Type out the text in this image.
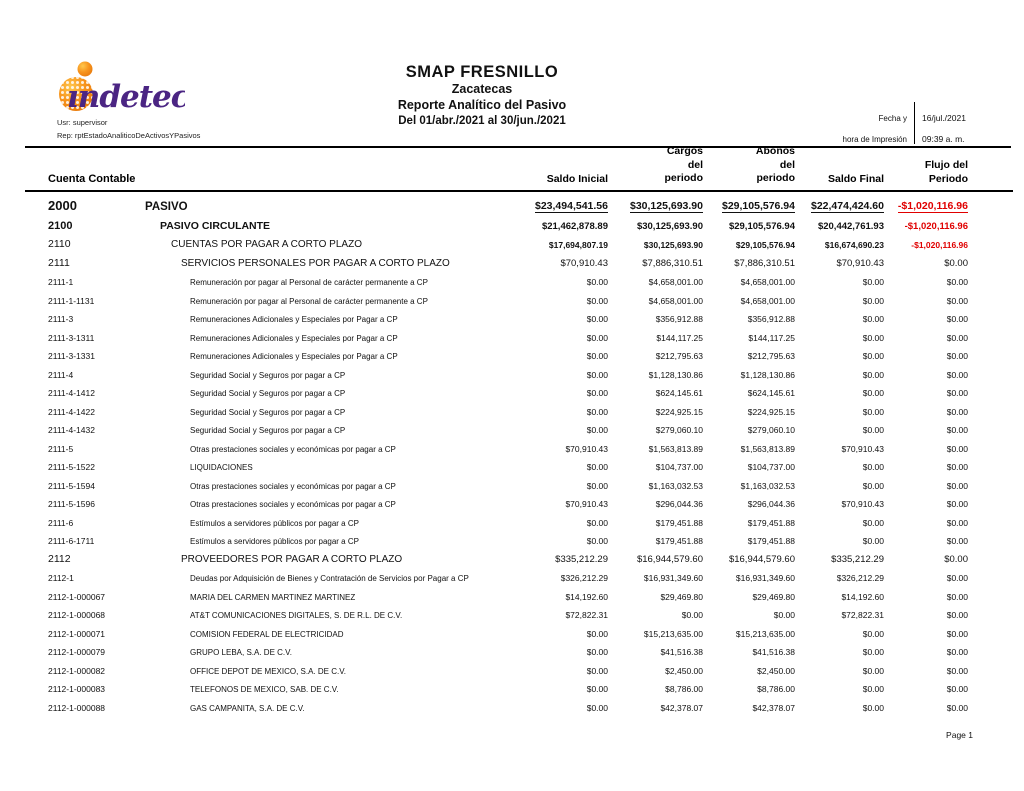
ındetec
Usr: supervisor
Rep: rptEstadoAnaliticoDeActivosYPasivos
SMAP FRESNILLO
Zacatecas
Reporte Analítico del Pasivo
Del 01/abr./2021 al 30/jun./2021	Fecha y
hora de Impresión
16/jul./2021
09:39 a. m.
Cuenta Contable	Saldo Inicial
Cargos
del
periodo
Abonos
del
periodo	Saldo Final
Flujo del
Periodo
2000	PASIVO	$23,494,541.56	$30,125,693.90	$29,105,576.94	$22,474,424.60	-$1,020,116.96
2100	PASIVO CIRCULANTE	$21,462,878.89	$30,125,693.90	$29,105,576.94	$20,442,761.93	-$1,020,116.96
2110	CUENTAS POR PAGAR A CORTO PLAZO	$17,694,807.19	$30,125,693.90	$29,105,576.94	$16,674,690.23	-$1,020,116.96
2111	SERVICIOS PERSONALES POR PAGAR A CORTO PLAZO	$70,910.43	$7,886,310.51	$7,886,310.51	$70,910.43	$0.00
2111-1	Remuneración por pagar al Personal de carácter permanente a CP	$0.00	$4,658,001.00	$4,658,001.00	$0.00	$0.00
2111-1-1131	Remuneración por pagar al Personal de carácter permanente a CP	$0.00	$4,658,001.00	$4,658,001.00	$0.00	$0.00
2111-3	Remuneraciones Adicionales y Especiales por Pagar a CP	$0.00	$356,912.88	$356,912.88	$0.00	$0.00
2111-3-1311	Remuneraciones Adicionales y Especiales por Pagar a CP	$0.00	$144,117.25	$144,117.25	$0.00	$0.00
2111-3-1331	Remuneraciones Adicionales y Especiales por Pagar a CP	$0.00	$212,795.63	$212,795.63	$0.00	$0.00
2111-4	Seguridad Social y Seguros por pagar a CP	$0.00	$1,128,130.86	$1,128,130.86	$0.00	$0.00
2111-4-1412	Seguridad Social y Seguros por pagar a CP	$0.00	$624,145.61	$624,145.61	$0.00	$0.00
2111-4-1422	Seguridad Social y Seguros por pagar a CP	$0.00	$224,925.15	$224,925.15	$0.00	$0.00
2111-4-1432	Seguridad Social y Seguros por pagar a CP	$0.00	$279,060.10	$279,060.10	$0.00	$0.00
2111-5	Otras prestaciones sociales y económicas por pagar a CP	$70,910.43	$1,563,813.89	$1,563,813.89	$70,910.43	$0.00
2111-5-1522	LIQUIDACIONES	$0.00	$104,737.00	$104,737.00	$0.00	$0.00
2111-5-1594	Otras prestaciones sociales y económicas por pagar a CP	$0.00	$1,163,032.53	$1,163,032.53	$0.00	$0.00
2111-5-1596	Otras prestaciones sociales y económicas por pagar a CP	$70,910.43	$296,044.36	$296,044.36	$70,910.43	$0.00
2111-6	Estímulos a servidores públicos por pagar a CP	$0.00	$179,451.88	$179,451.88	$0.00	$0.00
2111-6-1711	Estímulos a servidores públicos por pagar a CP	$0.00	$179,451.88	$179,451.88	$0.00	$0.00
2112	PROVEEDORES POR PAGAR A CORTO PLAZO	$335,212.29	$16,944,579.60	$16,944,579.60	$335,212.29	$0.00
2112-1	Deudas por Adquisición de Bienes y Contratación de Servicios por Pagar a CP	$326,212.29	$16,931,349.60	$16,931,349.60	$326,212.29	$0.00
2112-1-000067	MARIA DEL CARMEN MARTINEZ MARTINEZ	$14,192.60	$29,469.80	$29,469.80	$14,192.60	$0.00
2112-1-000068	AT&T COMUNICACIONES DIGITALES, S. DE R.L. DE C.V.	$72,822.31	$0.00	$0.00	$72,822.31	$0.00
2112-1-000071	COMISION FEDERAL DE ELECTRICIDAD	$0.00	$15,213,635.00	$15,213,635.00	$0.00	$0.00
2112-1-000079	GRUPO LEBA, S.A. DE C.V.	$0.00	$41,516.38	$41,516.38	$0.00	$0.00
2112-1-000082	OFFICE DEPOT DE MEXICO, S.A. DE C.V.	$0.00	$2,450.00	$2,450.00	$0.00	$0.00
2112-1-000083	TELEFONOS DE MEXICO, SAB. DE C.V.	$0.00	$8,786.00	$8,786.00	$0.00	$0.00
2112-1-000088	GAS CAMPANITA, S.A. DE C.V.	$0.00	$42,378.07	$42,378.07	$0.00	$0.00
Page 1
